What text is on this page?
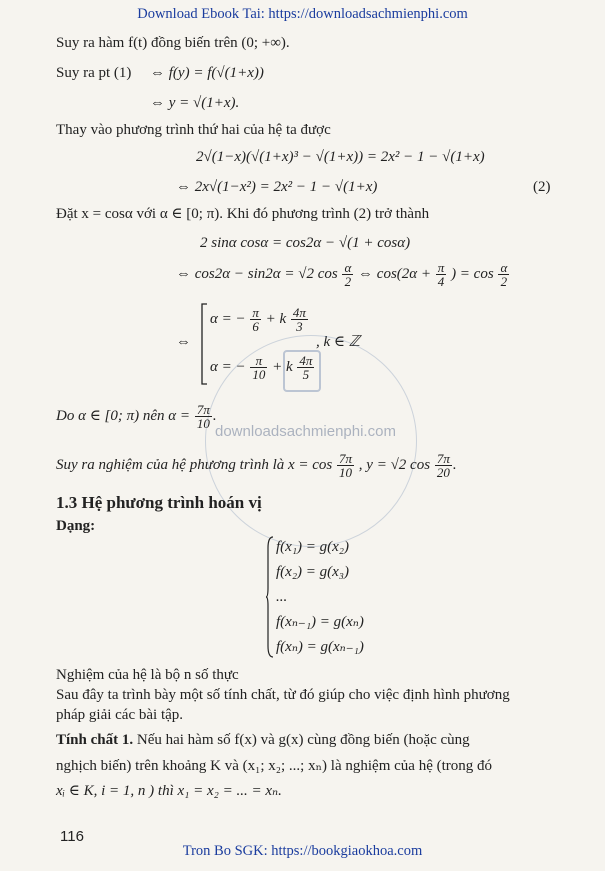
Download Ebook Tai: https://downloadsachmienphi.com
Suy ra hàm f(t) đồng biến trên (0; +∞).
Suy ra pt (1) ⇔ f(y) = f(√(1+x))
⇔ y = √(1+x).
Thay vào phương trình thứ hai của hệ ta được
2√(1−x)(√(1+x)³ − √(1+x)) = 2x² − 1 − √(1+x)
⇔ 2x√(1−x²) = 2x² − 1 − √(1+x)	(2)
Đặt x = cosα với α ∈ [0; π). Khi đó phương trình (2) trở thành
2 sinα cosα = cos2α − √(1 + cosα)
⇔ cos2α − sin2α = √2 $\cos \frac{\alpha}{2}$ ⇔ $\cos(2\alpha + \frac{\pi}{4}$ ) = $\cos \frac{\alpha}{2}$
⇔
α = − $\frac{\pi}{6} + k \frac{4\pi}{3}$
α = − $\frac{\pi}{10} + k \frac{4\pi}{5}$
, k ∈ ℤ
downloadsachmienphi.com
Do α ∈ [0; π) nên $\alpha = \frac{7\pi}{10}$ .
Suy ra nghiệm của hệ phương trình là $x = \cos \frac{7\pi}{10}$ , y = √2 $\cos \frac{7\pi}{20}$ .
1.3 Hệ phương trình hoán vị
Dạng:
f(x₁) = g(x₂)
f(x₂) = g(x₃)
...
f(xₙ₋₁) = g(xₙ)
f(xₙ) = g(xₙ₋₁)
Nghiệm của hệ là bộ n số thực
Sau đây ta trình bày một số tính chất, từ đó giúp cho việc định hình phương
pháp giải các bài tập.
Tính chất 1. Nếu hai hàm số f(x) và g(x) cùng đồng biến (hoặc cùng
nghịch biến) trên khoảng K và (x₁; x₂; ...; xₙ) là nghiệm của hệ (trong đó
xᵢ ∈ K, i = 1, n ) thì x₁ = x₂ = ... = xₙ.
116
Tron Bo SGK: https://bookgiaokhoa.com
